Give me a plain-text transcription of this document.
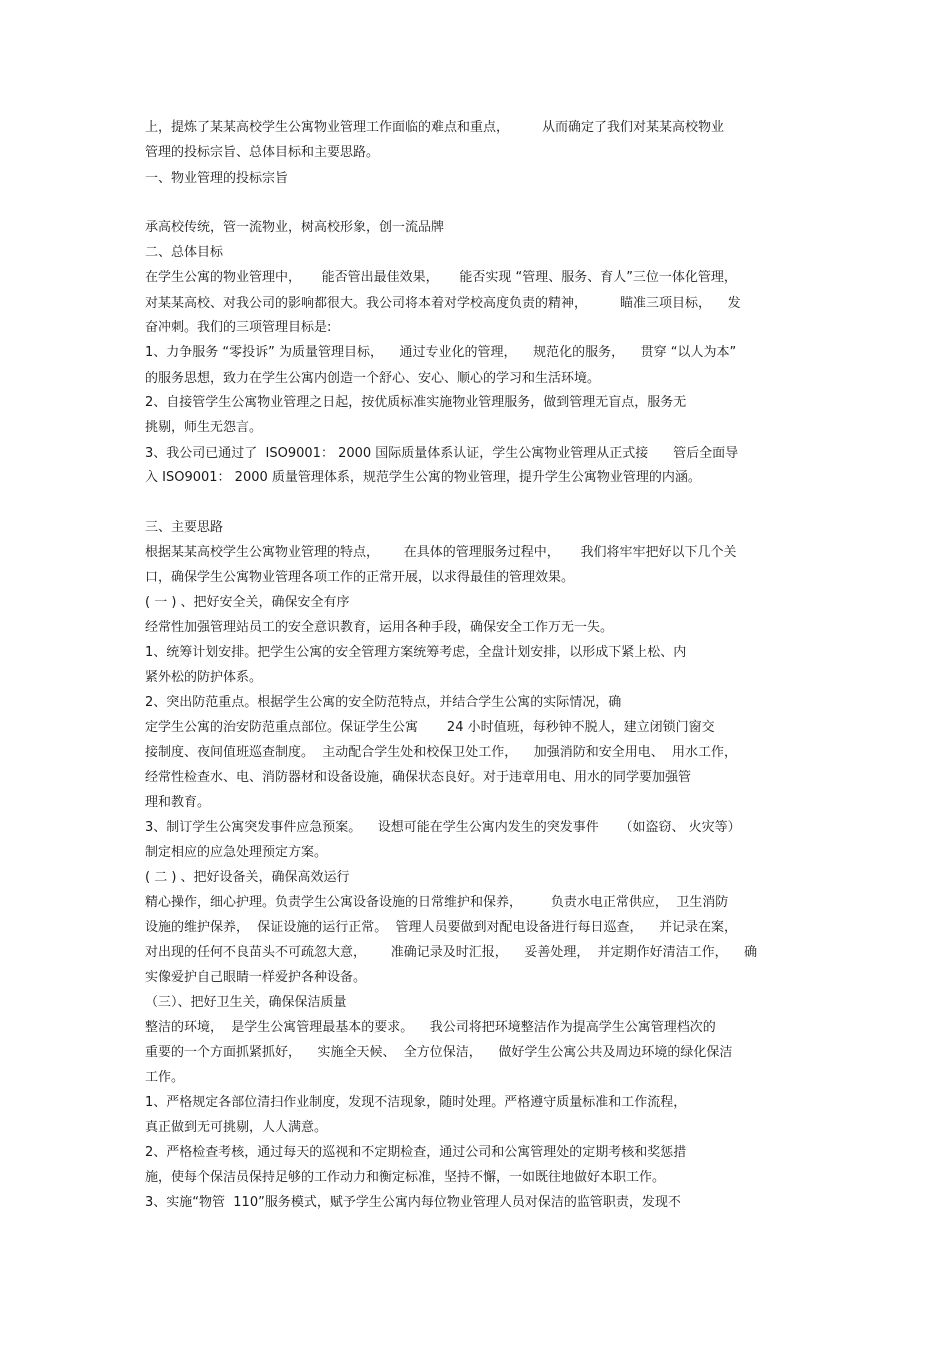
上，提炼了某某高校学生公寓物业管理工作面临的难点和重点，        从而确定了我们对某某高校物业
管理的投标宗旨、总体目标和主要思路。
一、物业管理的投标宗旨
承高校传统，管一流物业，树高校形象，创一流品牌
二、总体目标
在学生公寓的物业管理中，     能否管出最佳效果，     能否实现 “管理、服务、育人”三位一体化管理，
对某某高校、对我公司的影响都很大。我公司将本着对学校高度负责的精神，        瞄准三项目标，    发
奋冲刺。我们的三项管理目标是:
1、力争服务 “零投诉” 为质量管理目标，    通过专业化的管理，    规范化的服务，    贯穿 “以人为本”
的服务思想，致力在学生公寓内创造一个舒心、安心、顺心的学习和生活环境。
2、自接管学生公寓物业管理之日起，按优质标准实施物业管理服务，做到管理无盲点，服务无
挑剔，师生无怨言。
3、我公司已通过了  ISO9001： 2000 国际质量体系认证，学生公寓物业管理从正式接      管后全面导
入 ISO9001： 2000 质量管理体系，规范学生公寓的物业管理，提升学生公寓物业管理的内涵。
三、主要思路
根据某某高校学生公寓物业管理的特点，      在具体的管理服务过程中，     我们将牢牢把好以下几个关
口，确保学生公寓物业管理各项工作的正常开展，以求得最佳的管理效果。
( 一 ) 、把好安全关，确保安全有序
经常性加强管理站员工的安全意识教育，运用各种手段，确保安全工作万无一失。
1、统筹计划安排。把学生公寓的安全管理方案统筹考虑，全盘计划安排，以形成下紧上松、内
紧外松的防护体系。
2、突出防范重点。根据学生公寓的安全防范特点，并结合学生公寓的实际情况，确
定学生公寓的治安防范重点部位。保证学生公寓       24 小时值班，每秒钟不脱人，建立闭锁门窗交
接制度、夜间值班巡查制度。  主动配合学生处和校保卫处工作，    加强消防和安全用电、  用水工作，
经常性检查水、电、消防器材和设备设施，确保状态良好。对于违章用电、用水的同学要加强管
理和教育。
3、制订学生公寓突发事件应急预案。    设想可能在学生公寓内发生的突发事件     （如盗窃、 火灾等）
制定相应的应急处理预定方案。
( 二 ) 、把好设备关，确保高效运行
精心操作，细心护理。负责学生公寓设备设施的日常维护和保养，       负责水电正常供应，  卫生消防
设施的维护保养，  保证设施的运行正常。  管理人员要做到对配电设备进行每日巡查，    并记录在案，
对出现的任何不良苗头不可疏忽大意，      准确记录及时汇报，    妥善处理，  并定期作好清洁工作，    确
实像爱护自己眼睛一样爱护各种设备。
（三）、把好卫生关，确保保洁质量
整洁的环境，  是学生公寓管理最基本的要求。    我公司将把环境整洁作为提高学生公寓管理档次的
重要的一个方面抓紧抓好，    实施全天候、  全方位保洁，    做好学生公寓公共及周边环境的绿化保洁
工作。
1、严格规定各部位清扫作业制度，发现不洁现象，随时处理。严格遵守质量标准和工作流程，
真正做到无可挑剔，人人满意。
2、严格检查考核，通过每天的巡视和不定期检查，通过公司和公寓管理处的定期考核和奖惩措
施，使每个保洁员保持足够的工作动力和衡定标准，坚持不懈，一如既往地做好本职工作。
3、实施“物管  110”服务模式，赋予学生公寓内每位物业管理人员对保洁的监管职责，发现不
